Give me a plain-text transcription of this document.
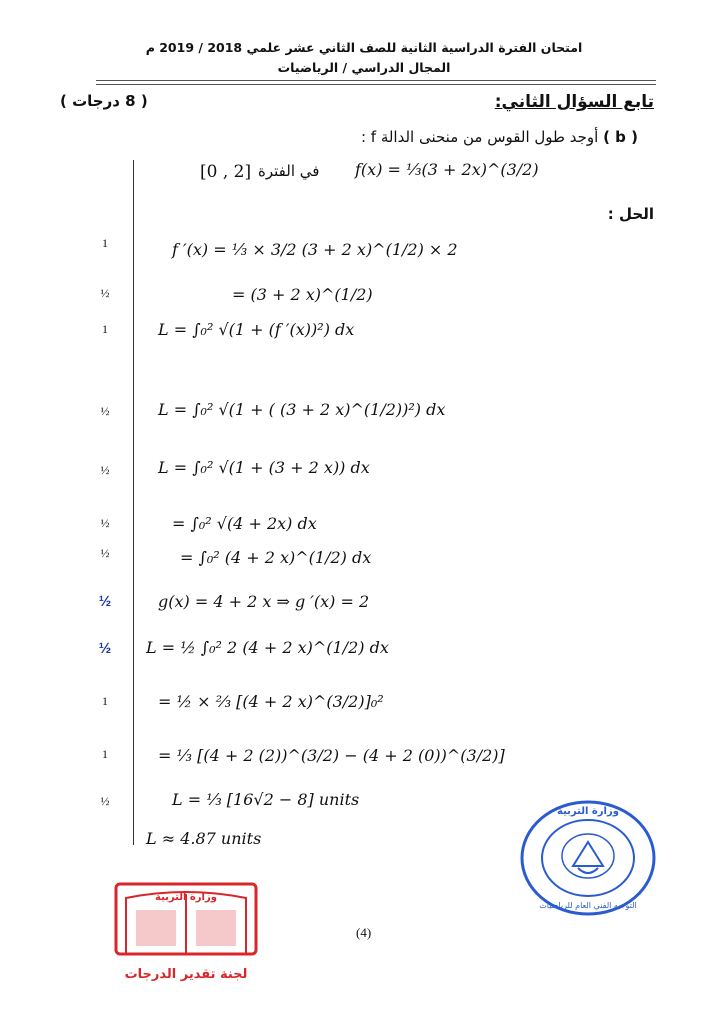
امتحان الفترة الدراسية الثانية للصف الثاني عشر علمي 2018 / 2019 م
المجال الدراسي / الرياضيات
( 8 درجات )	تابع السؤال الثاني:
( b ) أوجد طول القوس من منحنى الدالة f :
f(x) = ⅓(3 + 2x)^(3/2)
في الفترة
[0 , 2]
الحل :
1
½
1
½
½
½
½
½
½
1
1
½
f ′(x) = ⅓ × 3/2 (3 + 2 x)^(1/2) × 2
= (3 + 2 x)^(1/2)
L = ∫₀² √(1 + (f ′(x))²) dx
L = ∫₀² √(1 + ( (3 + 2 x)^(1/2))²) dx
L = ∫₀² √(1 + (3 + 2 x)) dx
= ∫₀² √(4 + 2x) dx
= ∫₀² (4 + 2 x)^(1/2) dx
g(x) = 4 + 2 x ⇒ g ′(x) = 2
L = ½ ∫₀² 2 (4 + 2 x)^(1/2) dx
= ½ × ⅔ [(4 + 2 x)^(3/2)]₀²
= ⅓ [(4 + 2 (2))^(3/2) − (4 + 2 (0))^(3/2)]
L = ⅓ [16√2 − 8] units
L ≈ 4.87 units
وزارة التربية
التوجيه الفني العام للرياضيات
وزارة التربية
لجنة تقدير الدرجات
(4)
